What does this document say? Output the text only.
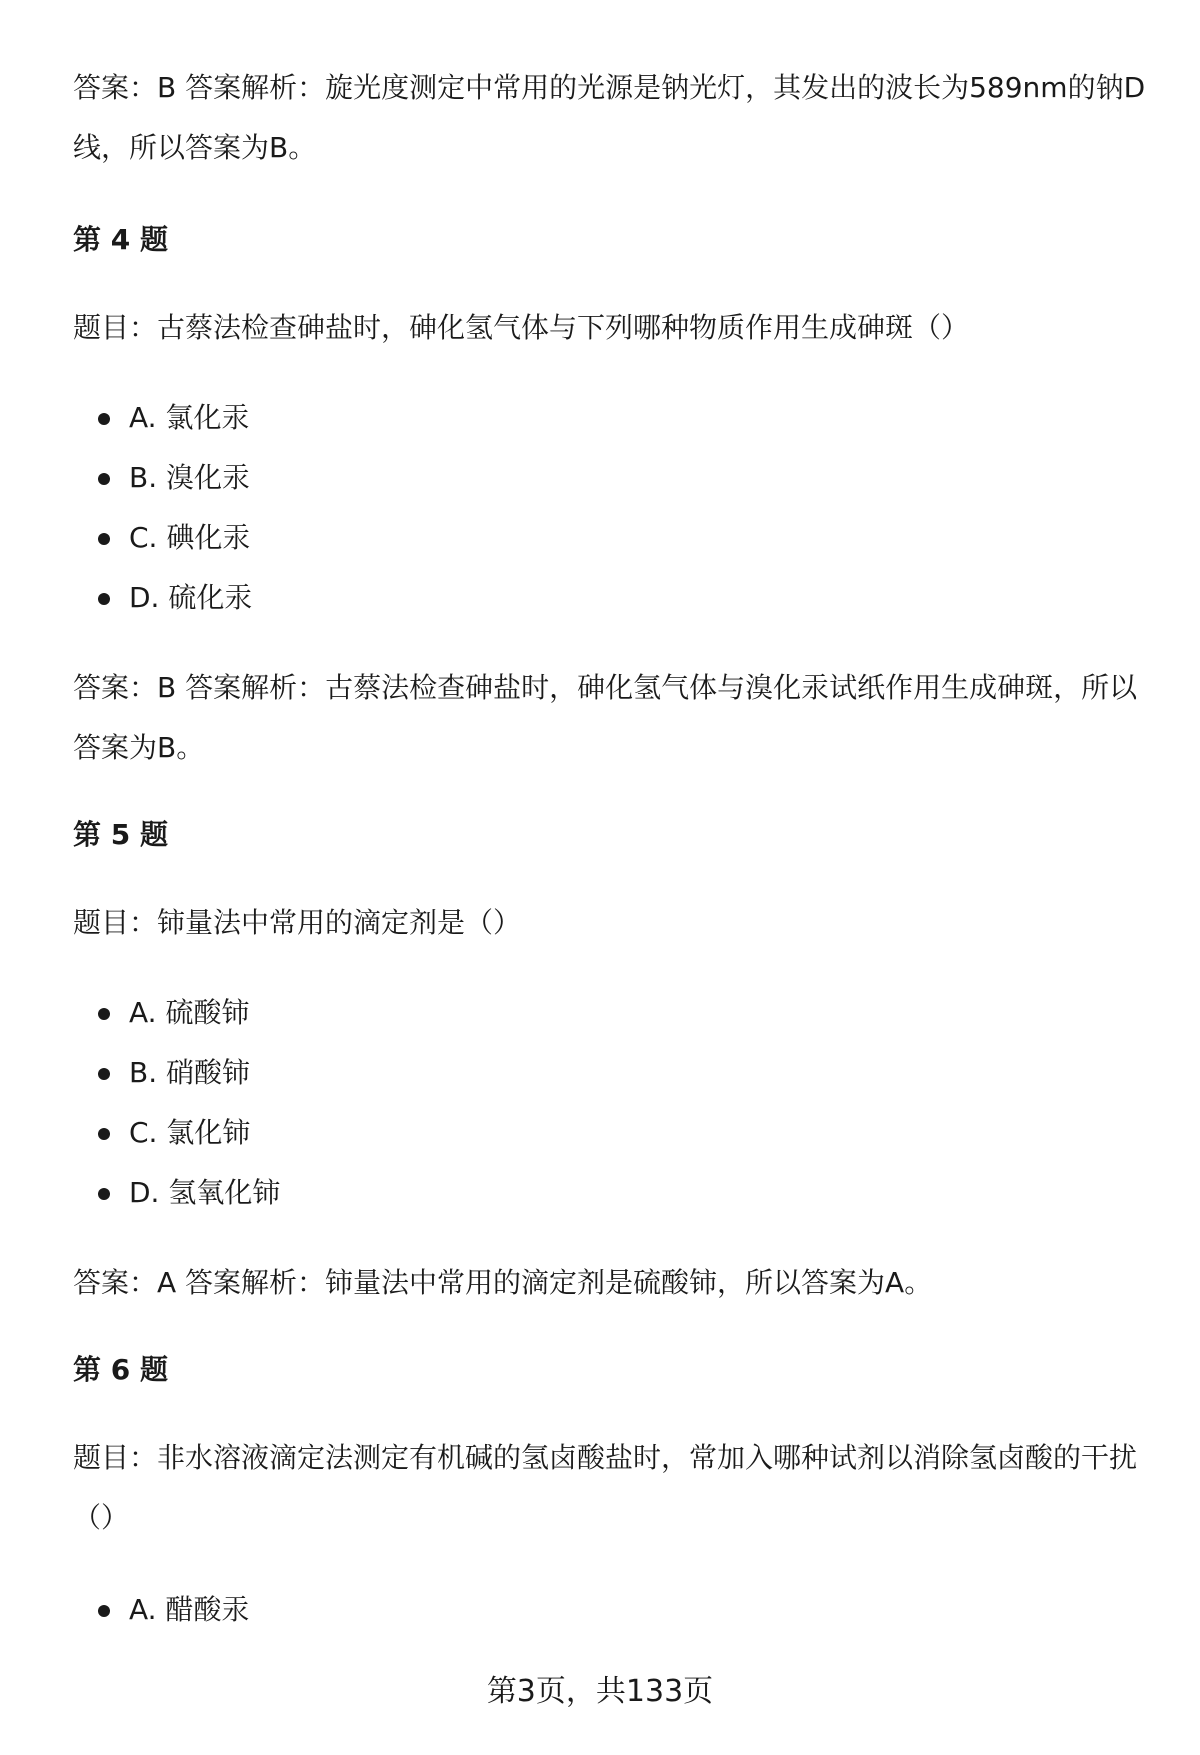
答案：B 答案解析：旋光度测定中常用的光源是钠光灯，其发出的波长为589nm的钠D线，所以答案为B。

第 4 题

题目：古蔡法检查砷盐时，砷化氢气体与下列哪种物质作用生成砷斑（）

A. 氯化汞
B. 溴化汞
C. 碘化汞
D. 硫化汞

答案：B 答案解析：古蔡法检查砷盐时，砷化氢气体与溴化汞试纸作用生成砷斑，所以答案为B。

第 5 题

题目：铈量法中常用的滴定剂是（）

A. 硫酸铈
B. 硝酸铈
C. 氯化铈
D. 氢氧化铈

答案：A 答案解析：铈量法中常用的滴定剂是硫酸铈，所以答案为A。

第 6 题

题目：非水溶液滴定法测定有机碱的氢卤酸盐时，常加入哪种试剂以消除氢卤酸的干扰（）

A. 醋酸汞
第3页，共133页
